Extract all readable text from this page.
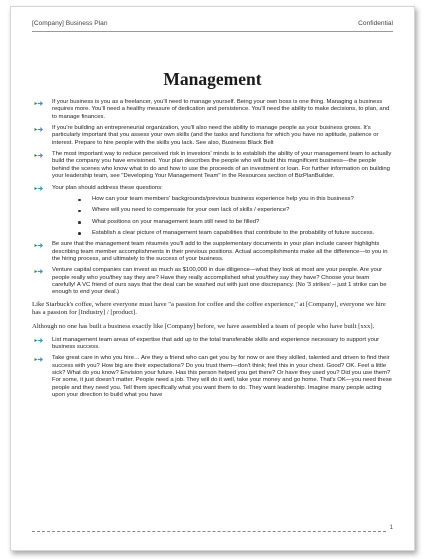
[Company] Business Plan	Confidential
Management
If your business is you as a freelancer, you'll need to manage yourself. Being your own boss is one thing. Managing a business requires more. You'll need a healthy measure of dedication and persistence. You'll need the ability to make decisions, to plan, and to manage finances.
If you're building an entrepreneurial organization, you'll also need the ability to manage people as your business grows. It's particularly important that you assess your own skills (and the tasks and functions for which you have no aptitude, patience or interest. Prepare to hire people with the skills you lack. See also, Business Black Belt
The most important way to reduce perceived risk in investors' minds is to establish the ability of your management team to actually build the company you have envisioned. Your plan describes the people who will build this magnificent business—the people behind the scenes who know what to do and how to use the proceeds of an investment or loan. For further information on building your leadership team, see "Developing Your Management Team" in the Resources section of BizPlanBuilder.
Your plan should address these questions:
How can your team members' backgrounds/previous business experience help you in this business?
Where will you need to compensate for your own lack of skills / experience?
What positions on your management team still need to be filled?
Establish a clear picture of management team capabilities that contribute to the probability of future success.
Be sure that the management team résumés you'll add to the supplementary documents in your plan include career highlights describing team member accomplishments in their previous positions. Actual accomplishments make all the difference—to you in the hiring process, and ultimately to the success of your business.
Venture capital companies can invest as much as $100,000 in due diligence—what they look at most are your people. Are your people really who you/they say they are? Have they really accomplished what you/they say they have? Choose your team carefully! A VC friend of ours says that the deal can be washed out with just one discrepancy. (No '3 strikes' – just 1 strike can be enough to end your deal.)

Like Starbuck's coffee, where everyone must have "a passion for coffee and the coffee experience," at [Company], everyone we hire has a passion for [Industry] / [product].

Although no one has built a business exactly like [Company] before, we have assembled a team of people who have built [xxx].

List management team areas of expertise that add up to the total transferable skills and experience necessary to support your business success.
Take great care in who you hire… Are they a friend who can get you by for now or are they skilled, talented and driven to find their success with you? How big are their expectations? Do you trust them—don't think; feel this in your chest. Good? OK. Feel a little sick? What do you know? Envision your future. Has this person helped you get there? Or have they used you? Did you use them? For some, it just doesn't matter. People need a job. They will do it well, take your money and go home. That's OK—you need these people and they need you. Tell them specifically what you want them to do. They want leadership. Imagine many people acting upon your direction to build what you have
1
